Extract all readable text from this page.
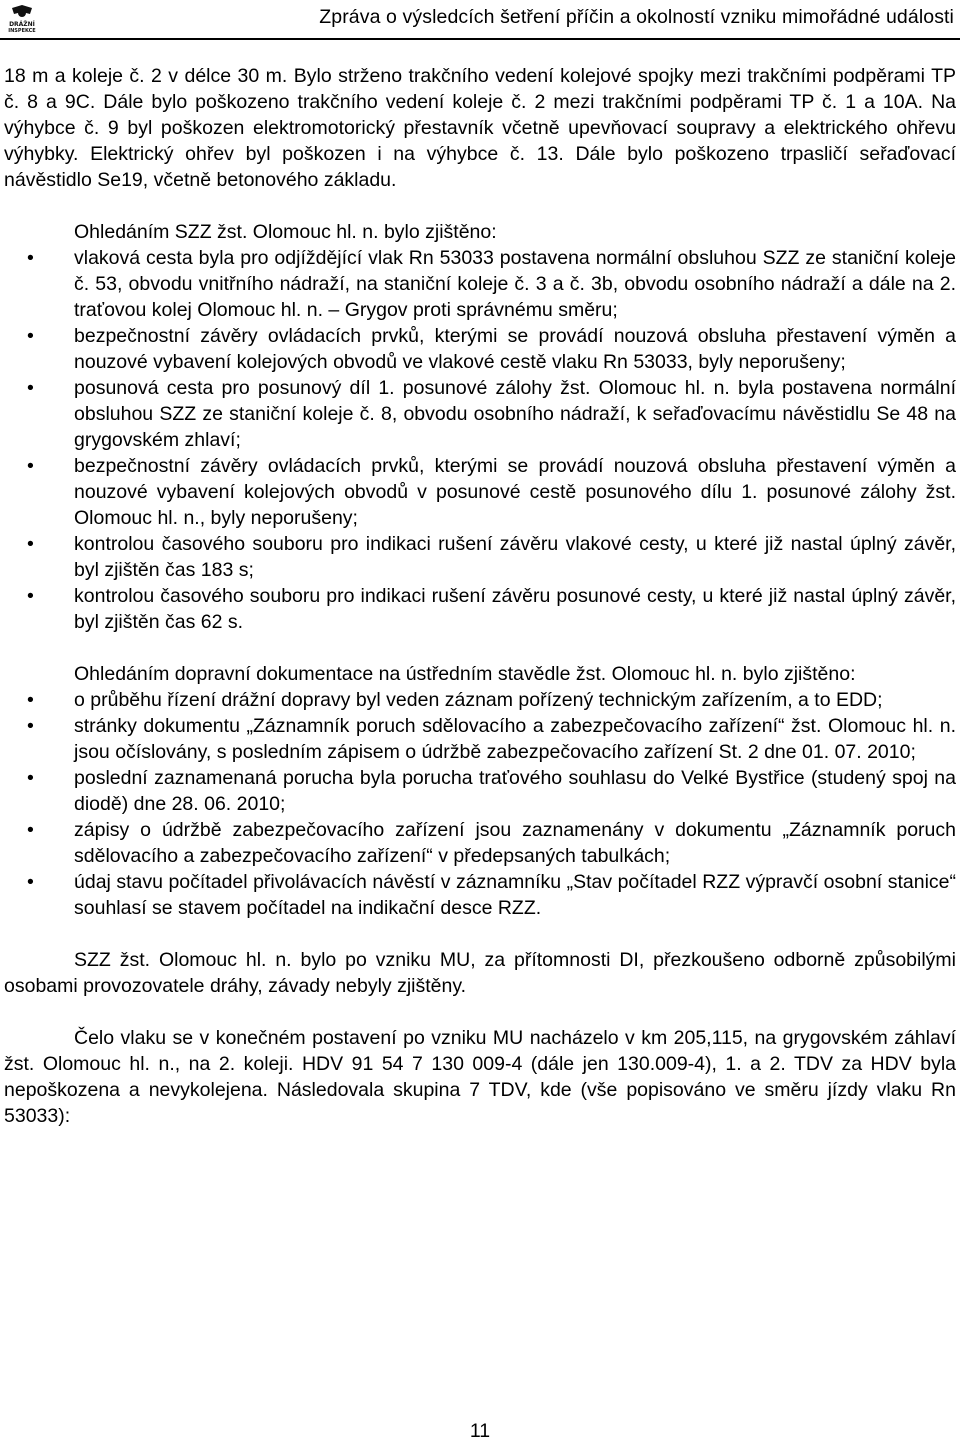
DRÁŽNÍ
INSPEKCE
Zpráva o výsledcích šetření příčin a okolností vzniku mimořádné události

18 m a koleje č. 2 v délce 30 m. Bylo strženo trakčního vedení kolejové spojky mezi trakčními podpěrami TP č. 8 a 9C. Dále bylo poškozeno trakčního vedení koleje č. 2 mezi trakčními podpěrami TP č. 1 a 10A. Na výhybce č. 9 byl poškozen elektromotorický přestavník včetně upevňovací soupravy a elektrického ohřevu výhybky. Elektrický ohřev byl poškozen i na výhybce č. 13. Dále bylo poškozeno trpasličí seřaďovací návěstidlo Se19, včetně betonového základu.

Ohledáním SZZ žst. Olomouc hl. n. bylo zjištěno:

• vlaková cesta byla pro odjíždějící vlak Rn 53033 postavena normální obsluhou SZZ ze staniční koleje č. 53, obvodu vnitřního nádraží, na staniční koleje č. 3 a č. 3b, obvodu osobního nádraží a dále na 2. traťovou kolej Olomouc hl. n. – Grygov proti správnému směru;
• bezpečnostní závěry ovládacích prvků, kterými se provádí nouzová obsluha přestavení výměn a nouzové vybavení kolejových obvodů ve vlakové cestě vlaku Rn 53033, byly neporušeny;
• posunová cesta pro posunový díl 1. posunové zálohy žst. Olomouc hl. n. byla postavena normální obsluhou SZZ ze staniční koleje č. 8, obvodu osobního nádraží, k seřaďovacímu návěstidlu Se 48 na grygovském zhlaví;
• bezpečnostní závěry ovládacích prvků, kterými se provádí nouzová obsluha přestavení výměn a nouzové vybavení kolejových obvodů v posunové cestě posunového dílu 1. posunové zálohy žst. Olomouc hl. n., byly neporušeny;
• kontrolou časového souboru pro indikaci rušení závěru vlakové cesty, u které již nastal úplný závěr, byl zjištěn čas 183 s;
• kontrolou časového souboru pro indikaci rušení závěru posunové cesty, u které již nastal úplný závěr, byl zjištěn čas 62 s.

Ohledáním dopravní dokumentace na ústředním stavědle žst. Olomouc hl. n. bylo zjištěno:

• o průběhu řízení drážní dopravy byl veden záznam pořízený technickým zařízením, a to EDD;
• stránky dokumentu „Záznamník poruch sdělovacího a zabezpečovacího zařízení“ žst. Olomouc hl. n. jsou očíslovány, s posledním zápisem o údržbě zabezpečovacího zařízení St. 2 dne 01. 07. 2010;
• poslední zaznamenaná porucha byla porucha traťového souhlasu do Velké Bystřice (studený spoj na diodě) dne 28. 06. 2010;
• zápisy o údržbě zabezpečovacího zařízení jsou zaznamenány v dokumentu „Záznamník poruch sdělovacího a zabezpečovacího zařízení“ v předepsaných tabulkách;
• údaj stavu počítadel přivolávacích návěstí v záznamníku „Stav počítadel RZZ výpravčí osobní stanice“ souhlasí se stavem počítadel na indikační desce RZZ.

SZZ žst. Olomouc hl. n. bylo po vzniku MU, za přítomnosti DI, přezkoušeno odborně způsobilými osobami provozovatele dráhy, závady nebyly zjištěny.

Čelo vlaku se v konečném postavení po vzniku MU nacházelo v km 205,115, na grygovském záhlaví žst. Olomouc hl. n., na 2. koleji. HDV 91 54 7 130 009-4 (dále jen 130.009-4), 1. a 2. TDV za HDV byla nepoškozena a nevykolejena. Následovala skupina 7 TDV, kde (vše popisováno ve směru jízdy vlaku Rn 53033):

11
